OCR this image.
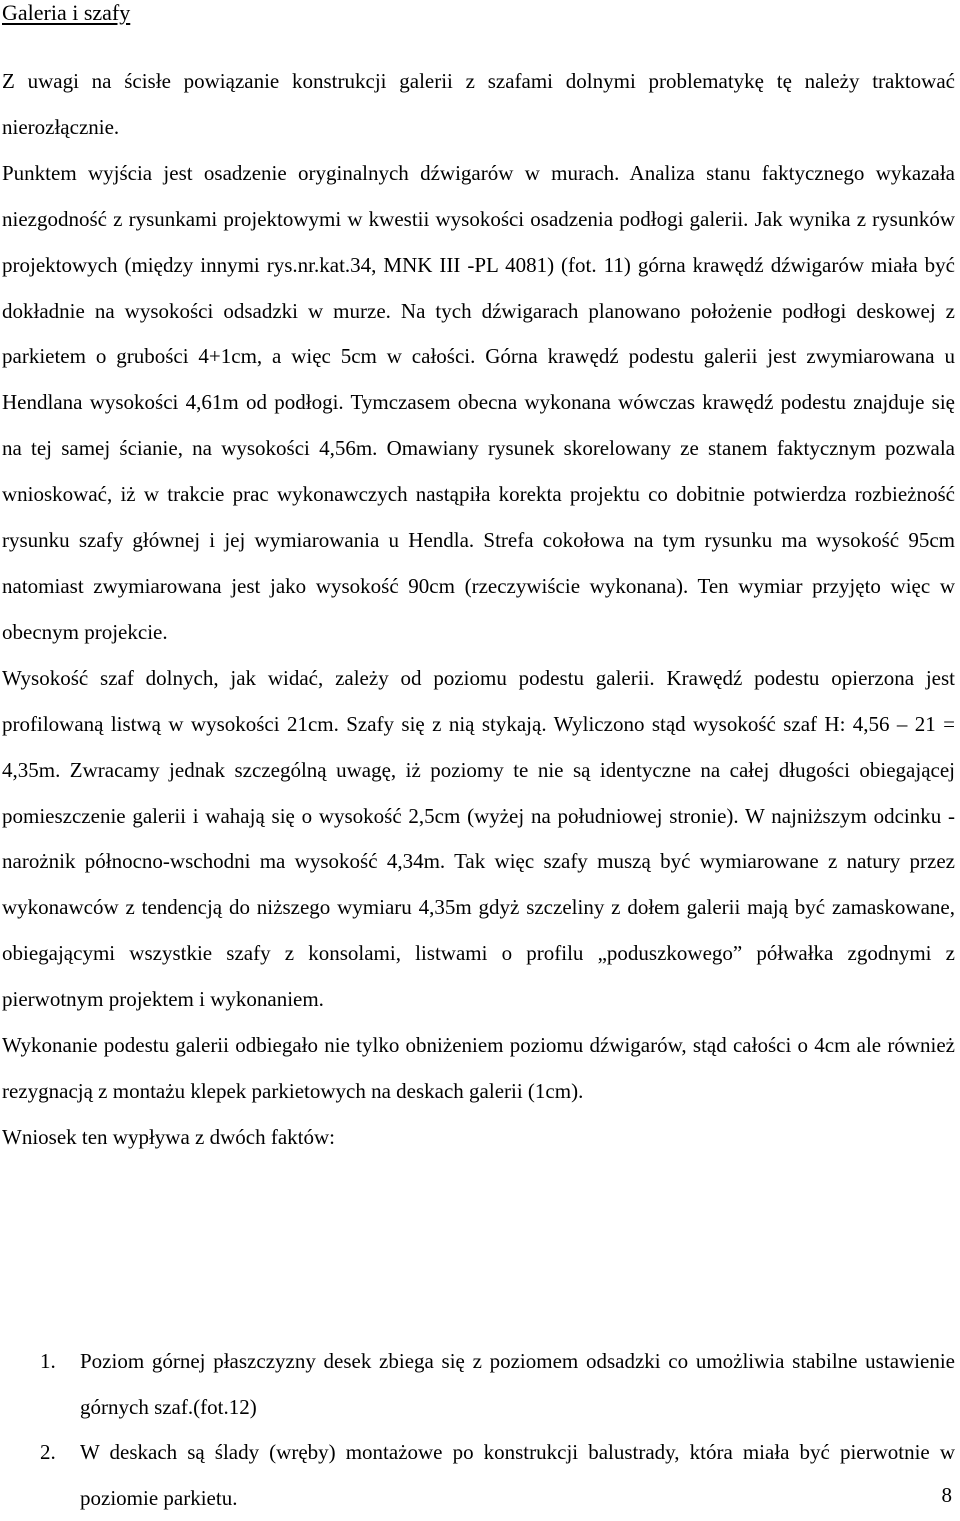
Galeria i szafy

Z uwagi na ścisłe powiązanie konstrukcji galerii z szafami dolnymi problematykę tę należy traktować nierozłącznie.

Punktem wyjścia jest osadzenie oryginalnych dźwigarów w murach. Analiza stanu faktycznego wykazała niezgodność z rysunkami projektowymi w kwestii wysokości osadzenia podłogi galerii. Jak wynika z rysunków projektowych (między innymi rys.nr.kat.34, MNK III -PL 4081) (fot. 11) górna krawędź dźwigarów miała być dokładnie na wysokości odsadzki w murze. Na tych dźwigarach planowano położenie podłogi deskowej z parkietem o grubości 4+1cm, a więc 5cm w całości. Górna krawędź podestu galerii jest zwymiarowana u Hendlana wysokości 4,61m od podłogi. Tymczasem obecna wykonana wówczas krawędź podestu znajduje się na tej samej ścianie, na wysokości 4,56m. Omawiany rysunek skorelowany ze stanem faktycznym pozwala wnioskować, iż w trakcie prac wykonawczych nastąpiła korekta projektu co dobitnie potwierdza rozbieżność rysunku szafy głównej i jej wymiarowania u Hendla. Strefa cokołowa na tym rysunku ma wysokość 95cm natomiast zwymiarowana jest jako wysokość 90cm (rzeczywiście wykonana). Ten wymiar przyjęto więc w obecnym projekcie.

Wysokość szaf dolnych, jak widać, zależy od poziomu podestu galerii. Krawędź podestu opierzona jest profilowaną listwą w wysokości 21cm. Szafy się z nią stykają. Wyliczono stąd wysokość szaf H: 4,56 – 21 = 4,35m. Zwracamy jednak szczególną uwagę, iż poziomy te nie są identyczne na całej długości obiegającej pomieszczenie galerii i wahają się o wysokość 2,5cm (wyżej na południowej stronie). W najniższym odcinku -narożnik północno-wschodni ma wysokość 4,34m. Tak więc szafy muszą być wymiarowane z natury przez wykonawców z tendencją do niższego wymiaru 4,35m gdyż szczeliny z dołem galerii mają być zamaskowane, obiegającymi wszystkie szafy z konsolami, listwami o profilu „poduszkowego” półwałka zgodnymi z pierwotnym projektem i wykonaniem.

Wykonanie podestu galerii odbiegało nie tylko obniżeniem poziomu dźwigarów, stąd całości o 4cm ale również rezygnacją z montażu klepek parkietowych na deskach galerii (1cm).

Wniosek ten wypływa z dwóch faktów:

1. Poziom górnej płaszczyzny desek zbiega się z poziomem odsadzki co umożliwia stabilne ustawienie górnych szaf.(fot.12)
2. W deskach są ślady (wręby) montażowe po konstrukcji balustrady, która miała być pierwotnie w poziomie parkietu.	8
